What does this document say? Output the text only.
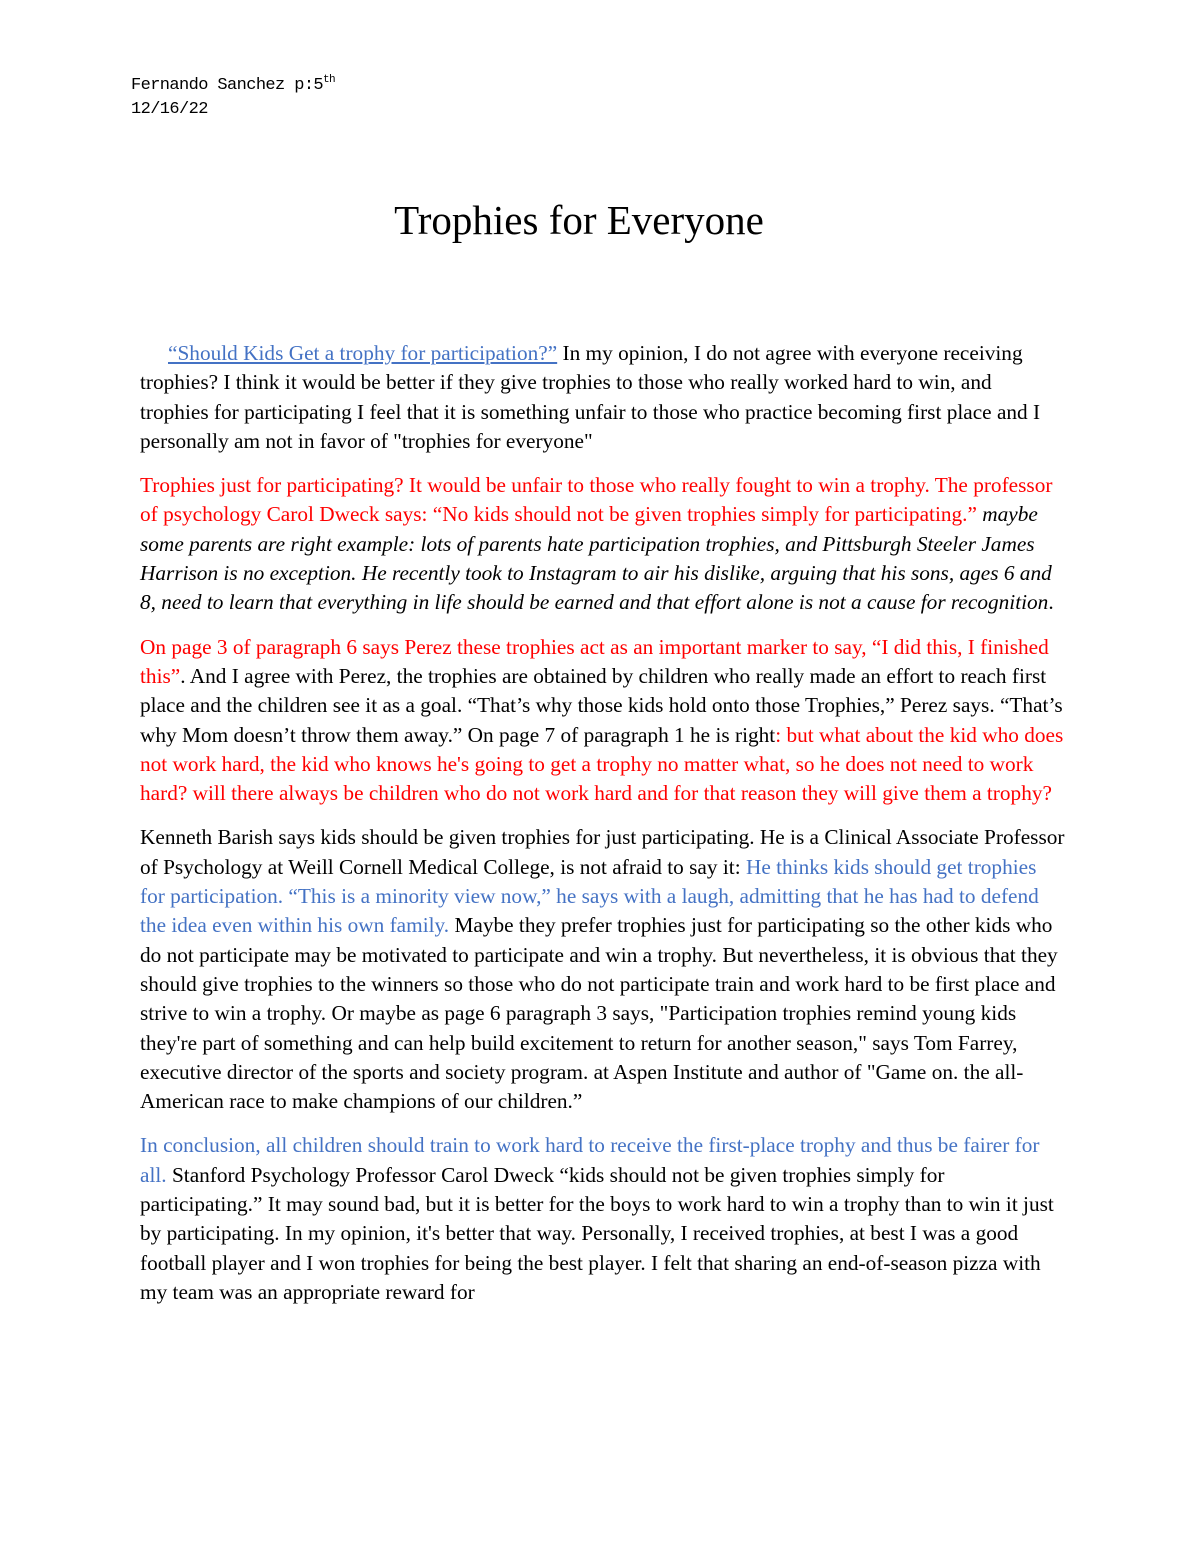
Fernando Sanchez p:5th
12/16/22
Trophies for Everyone

“Should Kids Get a trophy for participation?” In my opinion, I do not agree with everyone receiving trophies? I think it would be better if they give trophies to those who really worked hard to win, and trophies for participating I feel that it is something unfair to those who practice becoming first place and I personally am not in favor of "trophies for everyone"

Trophies just for participating? It would be unfair to those who really fought to win a trophy. The professor of psychology Carol Dweck says: “No kids should not be given trophies simply for participating.” maybe some parents are right example: lots of parents hate participation trophies, and Pittsburgh Steeler James Harrison is no exception. He recently took to Instagram to air his dislike, arguing that his sons, ages 6 and 8, need to learn that everything in life should be earned and that effort alone is not a cause for recognition.

On page 3 of paragraph 6 says Perez these trophies act as an important marker to say, “I did this, I finished this”. And I agree with Perez, the trophies are obtained by children who really made an effort to reach first place and the children see it as a goal. “That’s why those kids hold onto those Trophies,” Perez says. “That’s why Mom doesn’t throw them away.” On page 7 of paragraph 1 he is right: but what about the kid who does not work hard, the kid who knows he's going to get a trophy no matter what, so he does not need to work hard? will there always be children who do not work hard and for that reason they will give them a trophy?

Kenneth Barish says kids should be given trophies for just participating. He is a Clinical Associate Professor of Psychology at Weill Cornell Medical College, is not afraid to say it: He thinks kids should get trophies for participation. “This is a minority view now,” he says with a laugh, admitting that he has had to defend the idea even within his own family. Maybe they prefer trophies just for participating so the other kids who do not participate may be motivated to participate and win a trophy. But nevertheless, it is obvious that they should give trophies to the winners so those who do not participate train and work hard to be first place and strive to win a trophy. Or maybe as page 6 paragraph 3 says, "Participation trophies remind young kids they're part of something and can help build excitement to return for another season," says Tom Farrey, executive director of the sports and society program. at Aspen Institute and author of "Game on. the all-American race to make champions of our children.”

In conclusion, all children should train to work hard to receive the first-place trophy and thus be fairer for all. Stanford Psychology Professor Carol Dweck “kids should not be given trophies simply for participating.” It may sound bad, but it is better for the boys to work hard to win a trophy than to win it just by participating. In my opinion, it's better that way. Personally, I received trophies, at best I was a good football player and I won trophies for being the best player. I felt that sharing an end-of-season pizza with my team was an appropriate reward for
